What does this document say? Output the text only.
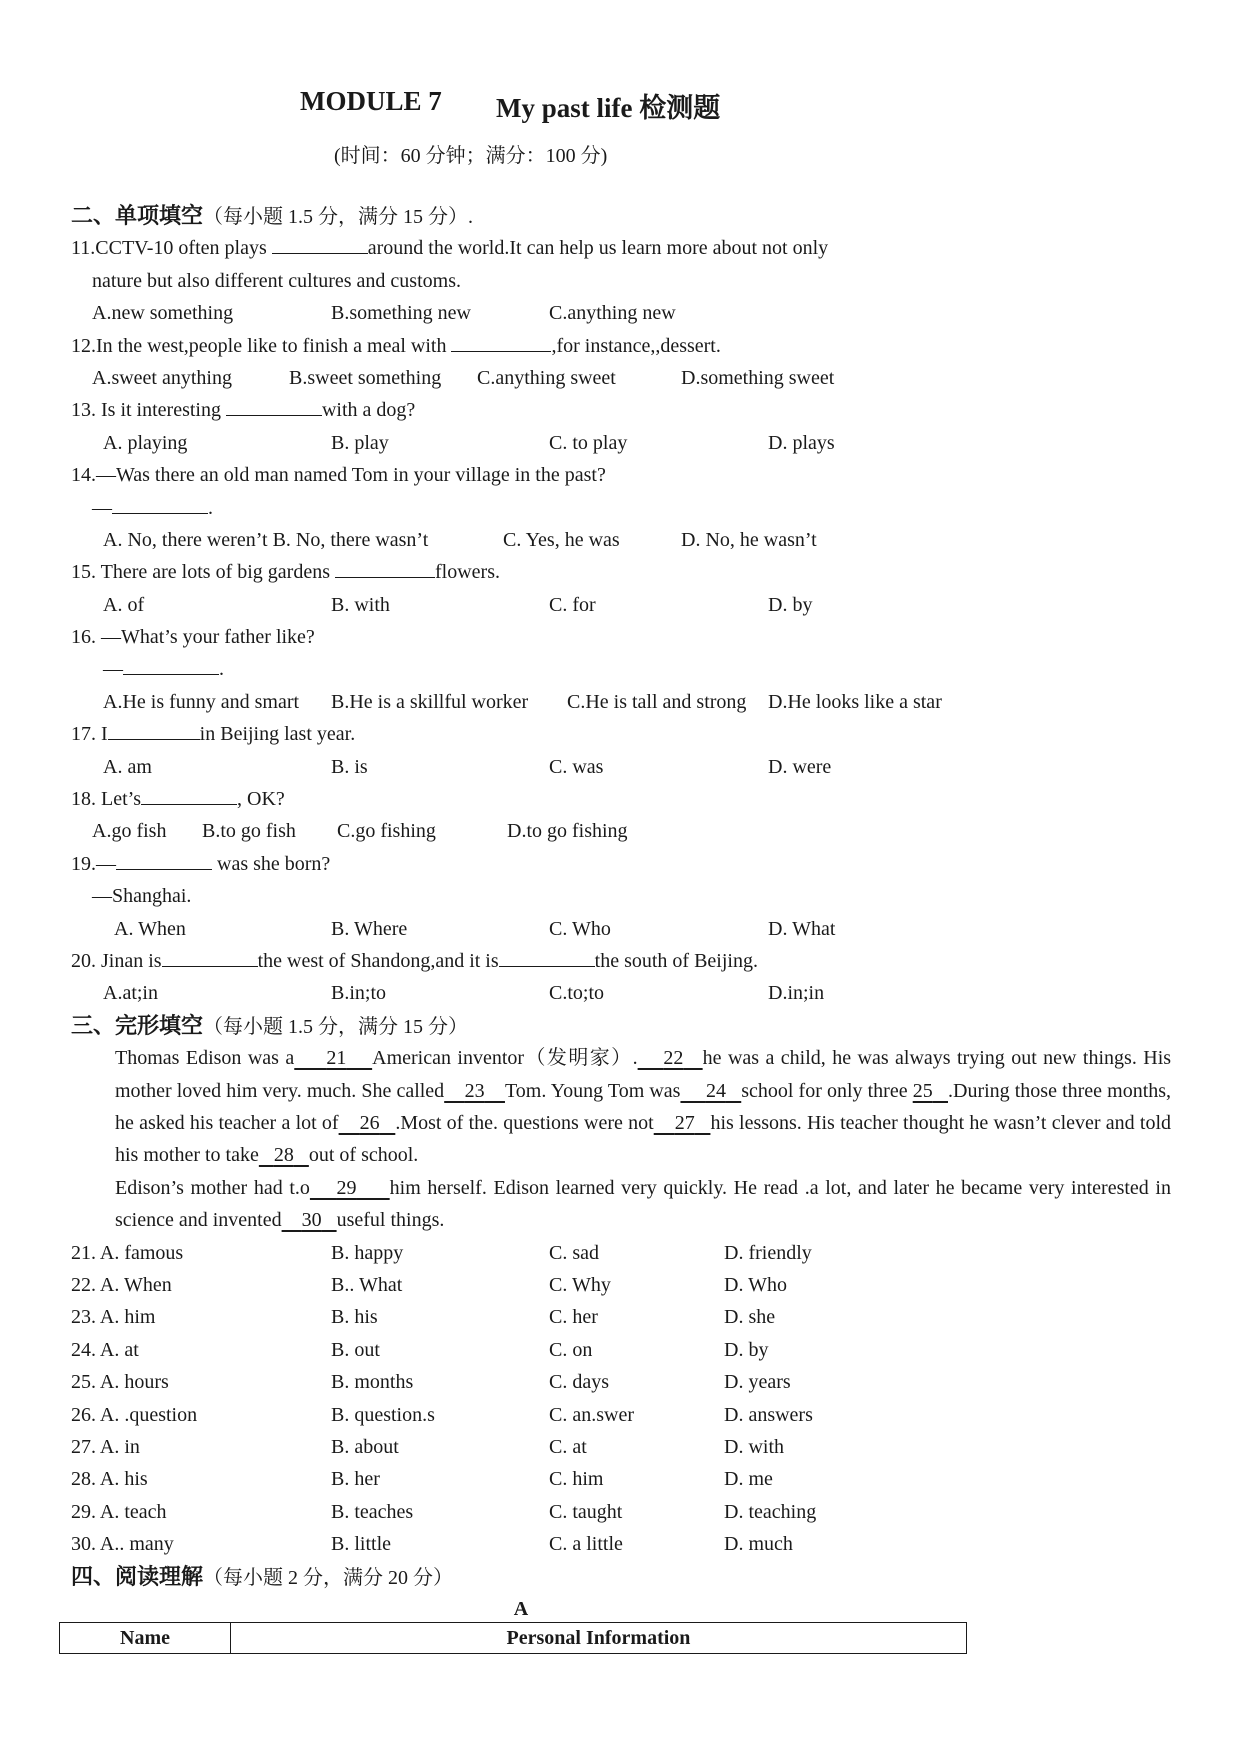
MODULE 7 My past life 检测题
(时间：60 分钟；满分：100 分)
二、单项填空（每小题 1.5 分，满分 15 分）.
11.CCTV-10 often plays	around the world.It can help us learn more about not only
nature but also different cultures and customs.
A.new something	B.something new	C.anything new
12.In the west,people like to finish a meal with	,for instance,,dessert.
A.sweet anything	B.sweet something C.anything sweet	D.something sweet
13. Is it interesting	with a dog?
A. playing	B. play	C. to play	D. plays
14.—Was there an old man named Tom in your village in the past?
—	.
A. No, there weren’t B. No, there wasn’t	C. Yes, he was	D. No, he wasn’t
15. There are lots of big gardens	flowers.
A. of	B. with	C. for	D. by
16. —What’s your father like?
—	.
A.He is funny and smart B.He is a skillful worker C.He is tall and strong D.He looks like a star
17. I	in Beijing last year.
A. am	B. is	C. was	D. were
18. Let’s	, OK?
A.go fish B.to go fish C.go fishing	D.to go fishing
19.—	was she born?
—Shanghai.
A. When	B. Where	C. Who	D. What
20. Jinan is	the west of Shandong,and it is	the south of Beijing.
A.at;in	B.in;to	C.to;to	D.in;in
三、完形填空（每小题 1.5 分，满分 15 分）
Thomas Edison was a 21 American inventor（发明家）. 22 he was a child, he was always trying out new things. His mother loved him very. much. She called 23 Tom. Young Tom was 24 school for only three 25 .During those three months, he asked his teacher a lot of 26 .Most of the. questions were not 27 his lessons. His teacher thought he wasn’t clever and told his mother to take 28 out of school.
Edison’s mother had t.o 29 him herself. Edison learned very quickly. He read .a lot, and later he became very interested in science and invented 30 useful things.
21. A. famous	B. happy	C. sad	D. friendly
22. A. When	B.. What	C. Why	D. Who
23. A. him	B. his	C. her	D. she
24. A. at	B. out	C. on	D. by
25. A. hours	B. months	C. days	D. years
26. A. .question	B. question.s	C. an.swer	D. answers
27. A. in	B. about	C. at	D. with
28. A. his	B. her	C. him	D. me
29. A. teach	B. teaches	C. taught	D. teaching
30. A.. many	B. little	C. a little	D. much
四、阅读理解（每小题 2 分，满分 20 分）
A
Name	Personal Information
